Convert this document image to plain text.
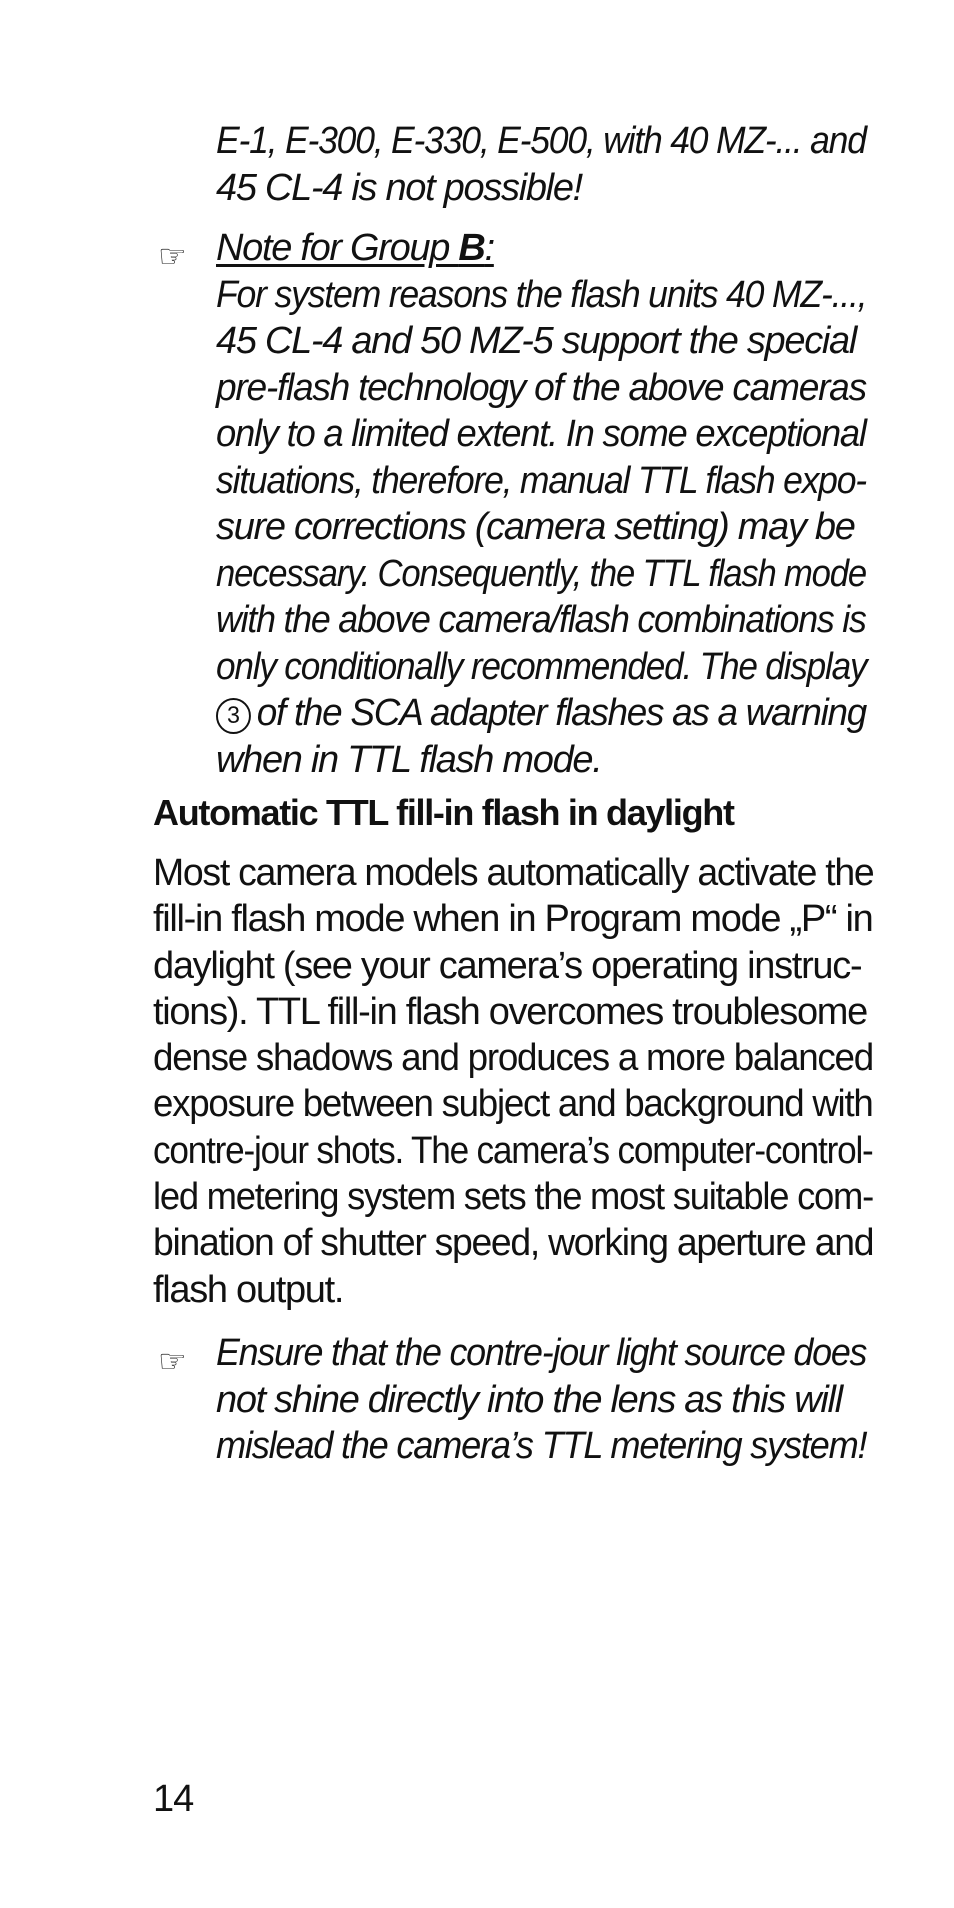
E-1, E-300, E-330, E-500, with 40 MZ-... and
45 CL-4 is not possible!
☞ Note for Group B:
For system reasons the flash units 40 MZ-...,
45 CL-4 and 50 MZ-5 support the special
pre-flash technology of the above cameras
only to a limited extent. In some exceptional
situations, therefore, manual TTL flash expo-
sure corrections (camera setting) may be
necessary. Consequently, the TTL flash mode
with the above camera/flash combinations is
only conditionally recommended. The display
3 of the SCA adapter flashes as a warning
when in TTL flash mode.
Automatic TTL fill-in flash in daylight
Most camera models automatically activate the
fill-in flash mode when in Program mode „P“ in
daylight (see your camera’s operating instruc-
tions). TTL fill-in flash overcomes troublesome
dense shadows and produces a more balanced
exposure between subject and background with
contre-jour shots. The camera’s computer-control-
led metering system sets the most suitable com-
bination of shutter speed, working aperture and
flash output.
☞ Ensure that the contre-jour light source does
not shine directly into the lens as this will
mislead the camera’s TTL metering system!
14
